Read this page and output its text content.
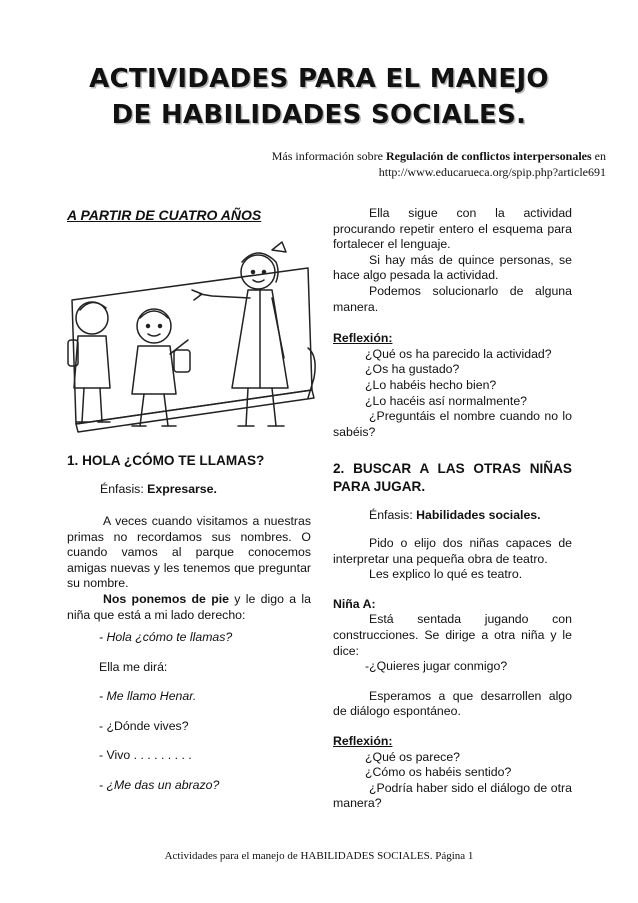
ACTIVIDADES PARA EL MANEJO
DE HABILIDADES SOCIALES.
Más información sobre Regulación de conflictos interpersonales en
http://www.educarueca.org/spip.php?article691
A PARTIR DE CUATRO AÑOS
1. HOLA ¿CÓMO TE LLAMAS?
Énfasis: Expresarse.

A veces cuando visitamos a nuestras primas no recordamos sus nombres. O cuando vamos al parque conocemos amigas nuevas y les tenemos que preguntar su nombre.

Nos ponemos de pie y le digo a la niña que está a mi lado derecho:

- Hola ¿cómo te llamas?

Ella me dirá:

- Me llamo Henar.

- ¿Dónde vives?

- Vivo . . . . . . . . .

- ¿Me das un abrazo?

Ella sigue con la actividad procurando repetir entero el esquema para fortalecer el lenguaje.

Si hay más de quince personas, se hace algo pesada la actividad.

Podemos solucionarlo de alguna manera.

Reflexión:

¿Qué os ha parecido la actividad?

¿Os ha gustado?

¿Lo habéis hecho bien?

¿Lo hacéis así normalmente?

¿Preguntáis el nombre cuando no lo sabéis?

2. BUSCAR A LAS OTRAS NIÑAS PARA JUGAR.
Énfasis: Habilidades sociales.

Pido o elijo dos niñas capaces de interpretar una pequeña obra de teatro.

Les explico lo qué es teatro.

Niña A:

Está sentada jugando con construcciones. Se dirige a otra niña y le dice:

-¿Quieres jugar conmigo?

Esperamos a que desarrollen algo de diálogo espontáneo.

Reflexión:

¿Qué os parece?

¿Cómo os habéis sentido?

¿Podría haber sido el diálogo de otra manera?

Actividades para el manejo de HABILIDADES SOCIALES. Página 1
